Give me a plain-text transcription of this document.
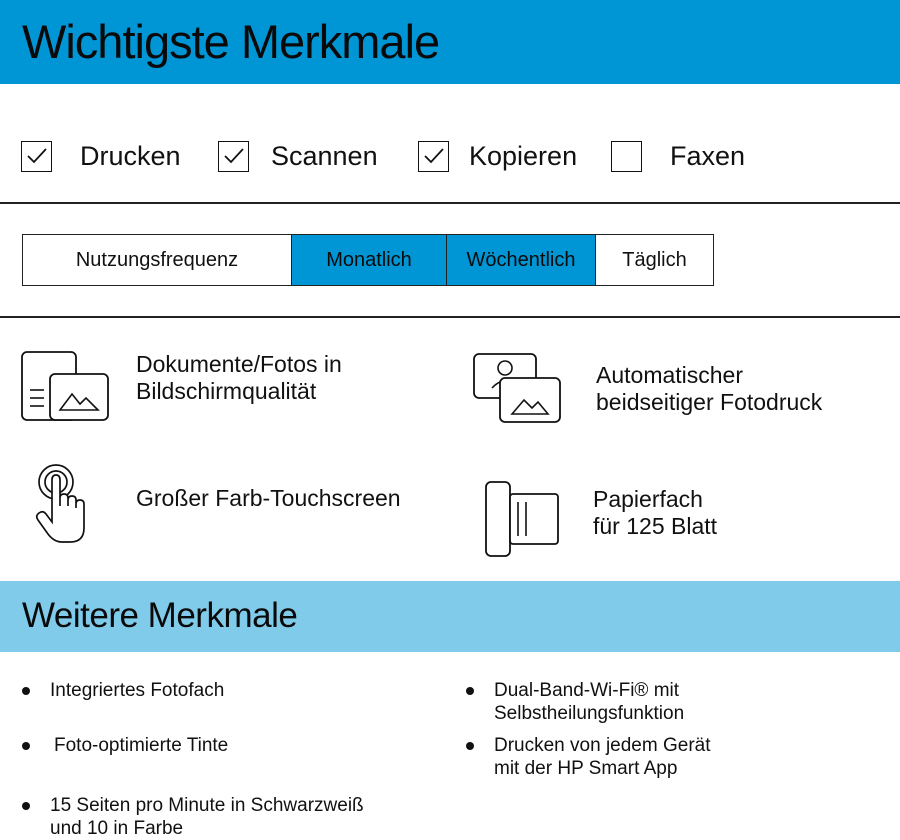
Wichtigste Merkmale
Drucken	Scannen	Kopieren	Faxen
Nutzungsfrequenz	Monatlich	Wöchentlich	Täglich
Dokumente/Fotos in
Bildschirmqualität
Automatischer
beidseitiger Fotodruck
Großer Farb-Touchscreen	Papierfach
für 125 Blatt
Weitere Merkmale
Integriertes Fotofach	Dual-Band-Wi-Fi® mit
Selbstheilungsfunktion
Foto-optimierte Tinte	Drucken von jedem Gerät
mit der HP Smart App
15 Seiten pro Minute in Schwarzweiß
und 10 in Farbe
